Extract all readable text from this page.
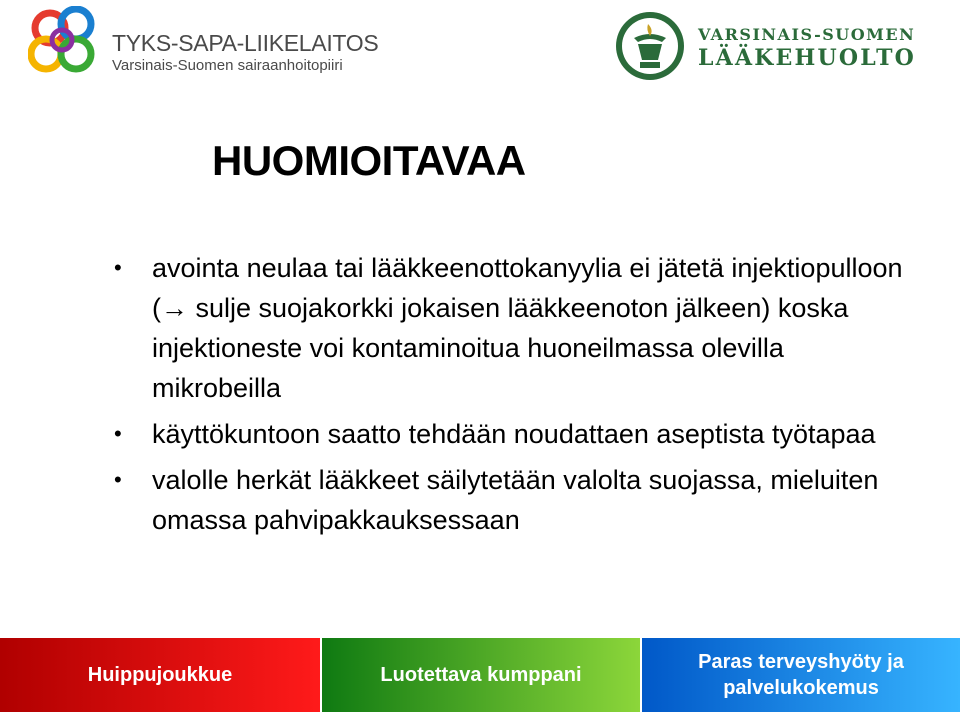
TYKS-SAPA-LIIKELAITOS
Varsinais-Suomen sairaanhoitopiiri
VARSINAIS-SUOMEN
LÄÄKEHUOLTO
HUOMIOITAVAA
• avointa neulaa tai lääkkeenottokanyylia ei jätetä injektiopulloon (→ sulje suojakorkki jokaisen lääkkeenoton jälkeen) koska injektioneste voi kontaminoitua huoneilmassa olevilla mikrobeilla
• käyttökuntoon saatto tehdään noudattaen aseptista työtapaa
• valolle herkät lääkkeet säilytetään valolta suojassa, mieluiten omassa pahvipakkauksessaan
Huippujoukkue	Luotettava kumppani
Paras terveyshyöty ja
palvelukokemus
